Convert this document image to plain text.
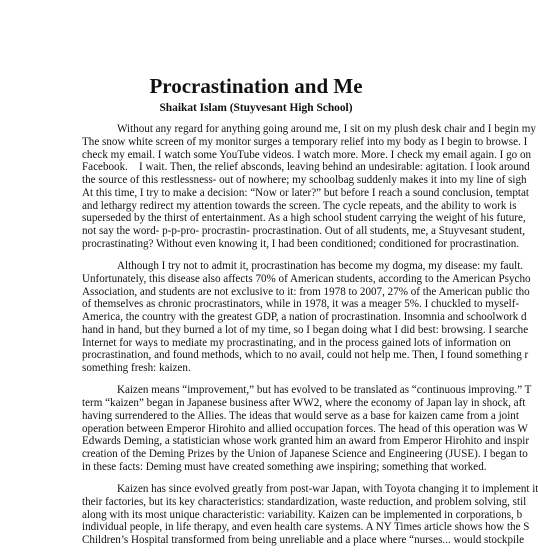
Procrastination and Me
Shaikat Islam (Stuyvesant High School)
Without any regard for anything going around me, I sit on my plush desk chair and I begin my
The snow white screen of my monitor surges a temporary relief into my body as I begin to browse. I
check my email. I watch some YouTube videos. I watch more. More. I check my email again. I go on
Facebook.    I wait. Then, the relief absconds, leaving behind an undesirable: agitation. I look around
the source of this restlessness- out of nowhere; my schoolbag suddenly makes it into my line of sigh
At this time, I try to make a decision: “Now or later?” but before I reach a sound conclusion, temptat
and lethargy redirect my attention towards the screen. The cycle repeats, and the ability to work is
superseded by the thirst of entertainment. As a high school student carrying the weight of his future,
not say the word- p-p-pro- procrastin- procrastination. Out of all students, me, a Stuyvesant student,
procrastinating? Without even knowing it, I had been conditioned; conditioned for procrastination.
Although I try not to admit it, procrastination has become my dogma, my disease: my fault.
Unfortunately, this disease also affects 70% of American students, according to the American Psycho
Association, and students are not exclusive to it: from 1978 to 2007, 27% of the American public tho
of themselves as chronic procrastinators, while in 1978, it was a meager 5%. I chuckled to myself-
America, the country with the greatest GDP, a nation of procrastination. Insomnia and schoolwork d
hand in hand, but they burned a lot of my time, so I began doing what I did best: browsing. I searche
Internet for ways to mediate my procrastinating, and in the process gained lots of information on
procrastination, and found methods, which to no avail, could not help me. Then, I found something r
something fresh: kaizen.
Kaizen means “improvement,” but has evolved to be translated as “continuous improving.” T
term “kaizen” began in Japanese business after WW2, where the economy of Japan lay in shock, aft
having surrendered to the Allies. The ideas that would serve as a base for kaizen came from a joint
operation between Emperor Hirohito and allied occupation forces. The head of this operation was W
Edwards Deming, a statistician whose work granted him an award from Emperor Hirohito and inspir
creation of the Deming Prizes by the Union of Japanese Science and Engineering (JUSE). I began to
in these facts: Deming must have created something awe inspiring; something that worked.
Kaizen has since evolved greatly from post-war Japan, with Toyota changing it to implement it
their factories, but its key characteristics: standardization, waste reduction, and problem solving, stil
along with its most unique characteristic: variability. Kaizen can be implemented in corporations, b
individual people, in life therapy, and even health care systems. A NY Times article shows how the S
Children’s Hospital transformed from being unreliable and a place where “nurses... would stockpile
